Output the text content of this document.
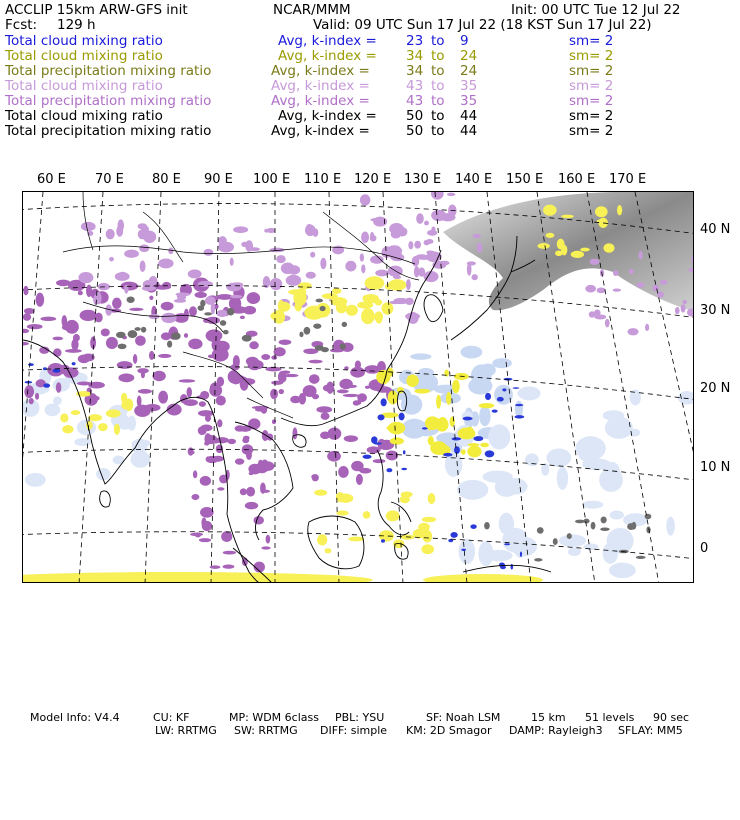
ACCLIP 15km ARW-GFS init	NCAR/MMM	Init: 00 UTC Tue 12 Jul 22
Fcst: 129 h	Valid: 09 UTC Sun 17 Jul 22 (18 KST Sun 17 Jul 22)
Total cloud mixing ratio	Avg, k-index = 23 to 9	sm= 2
Total cloud mixing ratio	Avg, k-index = 34 to 24	sm= 2
Total precipitation mixing ratio	Avg, k-index =	34 to 24	sm= 2
Total cloud mixing ratio	Avg, k-index =	43 to 35	sm= 2
Total precipitation mixing ratio	Avg, k-index =	43 to 35	sm= 2
Total cloud mixing ratio	Avg, k-index = 50 to 44	sm= 2
Total precipitation mixing ratio	Avg, k-index =	50 to 44	sm= 2
60 E 70 E 80 E 90 E 100 E 110 E 120 E 130 E 140 E 150 E 160 E 170 E
40 N
30 N
20 N
10 N
0

Model Info: V4.4

	CU: KF

	MP: WDM 6class

PBL: YSU

	SF: Noah LSM

	15 km

51 levels

90 sec

LW: RRTMG

SW: RRTMG

DIFF: simple

KM: 2D Smagor

DAMP: Rayleigh3

SFLAY: MM5
